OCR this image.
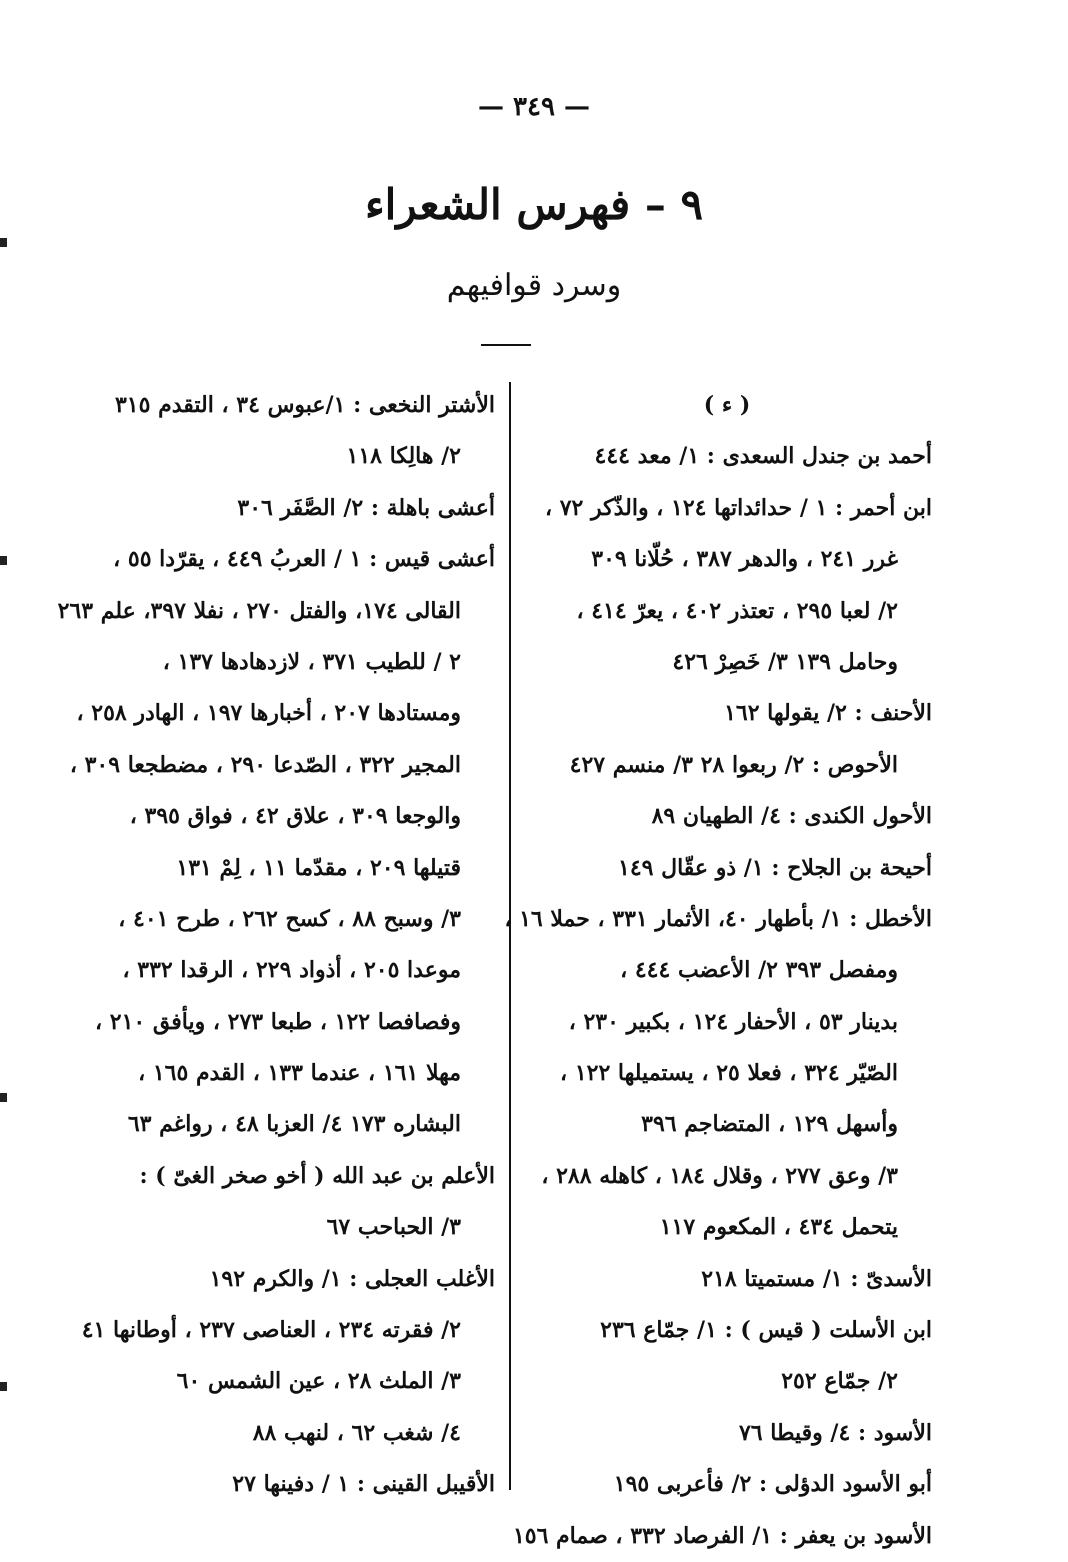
— ٣٤٩ —
٩ – فهرس الشعراء
وسرد قوافيهم
( ء )
أحمد بن جندل السعدى : ١/ معد ٤٤٤
ابن أحمر : ١ / حدائداتها ١٢٤ ، والذّكر ٧٢ ،
غرر ٢٤١ ، والدهر ٣٨٧ ، حُلّانا ٣٠٩
٢/ لعبا ٢٩٥ ، تعتذر ٤٠٢ ، يعرّ ٤١٤ ،
وحامل ١٣٩ ٣/ خَصِرْ ٤٢٦
الأحنف : ٢/ يقولها ١٦٢
الأحوص : ٢/ ربعوا ٢٨ ٣/ منسم ٤٢٧
الأحول الكندى : ٤/ الطهيان ٨٩
أحيحة بن الجلاح : ١/ ذو عقّال ١٤٩
الأخطل : ١/ بأطهار ٤٠، الأثمار ٣٣١ ، حملا ١٦ ،
ومفصل ٣٩٣ ٢/ الأعضب ٤٤٤ ،
بدينار ٥٣ ، الأحفار ١٢٤ ، بكبير ٢٣٠ ،
الصّيّر ٣٢٤ ، فعلا ٢٥ ، يستميلها ١٢٢ ،
وأسهل ١٢٩ ، المتضاجم ٣٩٦
٣/ وعق ٢٧٧ ، وقلال ١٨٤ ، كاهله ٢٨٨ ،
يتحمل ٤٣٤ ، المكعوم ١١٧
الأسدىّ : ١/ مستميتا ٢١٨
ابن الأسلت ( قيس ) : ١/ جمّاع ٢٣٦
٢/ جمّاع ٢٥٢
الأسود : ٤/ وقيطا ٧٦
أبو الأسود الدؤلى : ٢/ فأعربى ١٩٥
الأسود بن يعفر : ١/ الفرصاد ٣٣٢ ، صمام ١٥٦
الأشتر النخعى : ١/عبوس ٣٤ ، التقدم ٣١٥
٢/ هالِكا ١١٨
أعشى باهلة : ٢/ الصَّفَر ٣٠٦
أعشى قيس : ١ / العربُ ٤٤٩ ، يقرّدا ٥٥ ،
القالى ١٧٤، والفتل ٢٧٠ ، نفلا ٣٩٧، علم ٢٦٣
٢ / للطيب ٣٧١ ، لازدهادها ١٣٧ ،
ومستادها ٢٠٧ ، أخبارها ١٩٧ ، الهادر ٢٥٨ ،
المجير ٣٢٢ ، الصّدعا ٢٩٠ ، مضطجعا ٣٠٩ ،
والوجعا ٣٠٩ ، علاق ٤٢ ، فواق ٣٩٥ ،
قتيلها ٢٠٩ ، مقدّما ١١ ، لِمْ ١٣١
٣/ وسبح ٨٨ ، كسح ٢٦٢ ، طرح ٤٠١ ،
موعدا ٢٠٥ ، أذواد ٢٢٩ ، الرقدا ٣٣٢ ،
وفصافصا ١٢٢ ، طبعا ٢٧٣ ، ويأفق ٢١٠ ،
مهلا ١٦١ ، عندما ١٣٣ ، القدم ١٦٥ ،
البشاره ١٧٣ ٤/ العزبا ٤٨ ، رواغم ٦٣
الأعلم بن عبد الله ( أخو صخر الغىّ ) :
٣/ الحباحب ٦٧
الأغلب العجلى : ١/ والكرم ١٩٢
٢/ فقرته ٢٣٤ ، العناصى ٢٣٧ ، أوطانها ٤١
٣/ الملث ٢٨ ، عين الشمس ٦٠
٤/ شغب ٦٢ ، لنهب ٨٨
الأقيبل القينى : ١ / دفينها ٢٧
